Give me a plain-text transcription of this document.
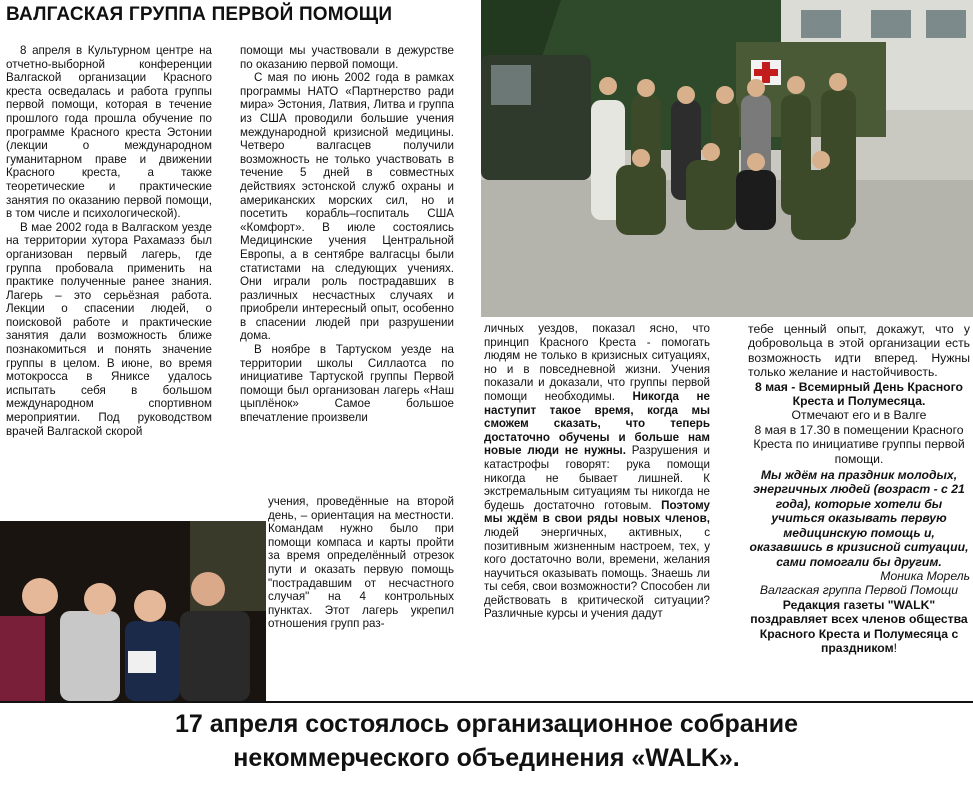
ВАЛГАСКАЯ ГРУППА ПЕРВОЙ ПОМОЩИ

8 апреля в Культурном центре на отчетно-выборной конференции Валгаской организации Красного креста осведалась и работа группы первой помощи, которая в течение прошлого года прошла обучение по программе Красного креста Эстонии (лекции о международном гуманитарном праве и движении Красного креста, а также теоретические и практические занятия по оказанию первой помощи, в том числе и психологической).

В мае 2002 года в Валгаском уезде на территории хутора Рахамаэз был организован первый лагерь, где группа пробовала применить на практике полученные ранее знания. Лагерь – это серьёзная работа. Лекции о спасении людей, о поисковой работе и практические занятия дали возможность ближе познакомиться и понять значение группы в целом. В июне, во время мотокросса в Яниксе удалось испытать себя в большом международном спортивном мероприятии. Под руководством врачей Валгаской скорой

помощи мы участвовали в дежурстве по оказанию первой помощи.

С мая по июнь 2002 года в рамках программы НАТО «Партнерство ради мира» Эстония, Латвия, Литва и группа из США проводили большие учения международной кризисной медицины. Четверо валгасцев получили возможность не только участвовать в течение 5 дней в совместных действиях эстонской служб охраны и американских морских сил, но и посетить корабль–госпиталь США «Комфорт». В июле состоялись Медицинские учения Центральной Европы, а в сентябре валгасцы были статистами на следующих учениях. Они играли роль пострадавших в различных несчастных случаях и приобрели интересный опыт, особенно в спасении людей при разрушении дома.

В ноябре в Тартуском уезде на территории школы Силлаотса по инициативе Тартуской группы Первой помощи был организован лагерь «Наш цыплёнок» Самое большое впечатление произвели

учения, проведённые на второй день, – ориентация на местности. Командам нужно было при помощи компаса и карты пройти за время определённый отрезок пути и оказать первую помощь "пострадавшим от несчастного случая" на 4 контрольных пунктах. Этот лагерь укрепил отношения групп раз-

личных уездов, показал ясно, что принцип Красного Креста - помогать людям не только в кризисных ситуациях, но и в повседневной жизни. Учения показали и доказали, что группы первой помощи необходимы. Никогда не наступит такое время, когда мы сможем сказать, что теперь достаточно обучены и больше нам новые люди не нужны. Разрушения и катастрофы говорят: рука помощи никогда не бывает лишней. К экстремальным ситуациям ты никогда не будешь достаточно готовым. Поэтому мы ждём в свои ряды новых членов, людей энергичных, активных, с позитивным жизненным настроем, тех, у кого достаточно воли, времени, желания научиться оказывать помощь. Знаешь ли ты себя, свои возможности? Способен ли действовать в критической ситуации? Различные курсы и учения дадут

тебе ценный опыт, докажут, что у добровольца в этой организации есть возможность идти вперед. Нужны только желание и настойчивость.

8 мая - Всемирный День Красного Креста и Полумесяца.
Отмечают его и в Валге
8 мая в 17.30 в помещении Красного Креста по инициативе группы первой помощи.
Мы ждём на праздник молодых, энергичных людей (возраст - с 21 года), которые хотели бы учиться оказывать первую медицинскую помощь и, оказавшись в кризисной ситуации, сами помогали бы другим.
Моника Морель
Валгаская группа Первой Помощи
Редакция газеты "WALK" поздравляет всех членов общества Красного Креста и Полумесяца с праздником!
17 апреля состоялось организационное собрание
некоммерческого объединения «WALK».
